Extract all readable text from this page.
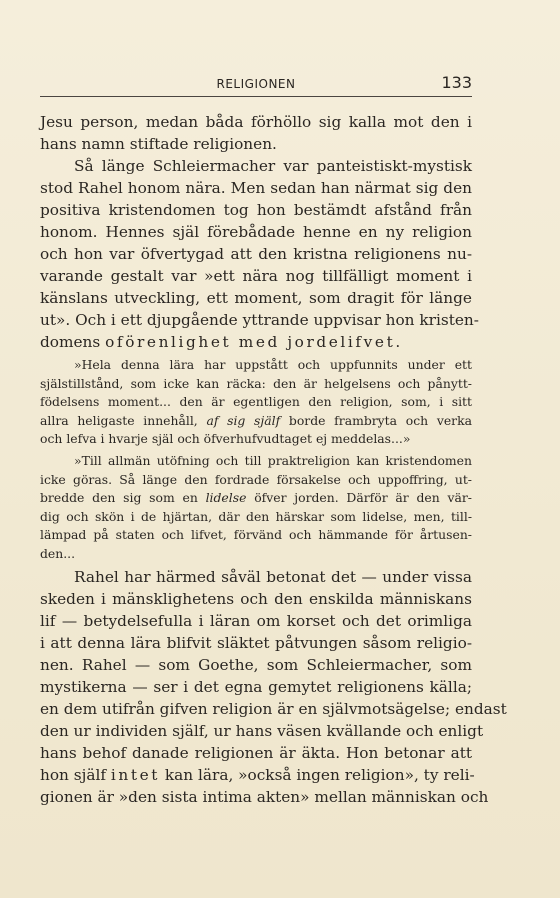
RELIGIONEN	133
Jesu person, medan båda förhöllo sig kalla mot den i
hans namn stiftade religionen.
Så länge Schleiermacher var panteistiskt-mystisk
stod Rahel honom nära. Men sedan han närmat sig den
positiva kristendomen tog hon bestämdt afstånd från
honom. Hennes själ förebådade henne en ny religion
och hon var öfvertygad att den kristna religionens nu-
varande gestalt var »ett nära nog tillfälligt moment i
känslans utveckling, ett moment, som dragit för länge
ut». Och i ett djupgående yttrande uppvisar hon kristen-
domens oförenlighet med jordelifvet.
»Hela denna lära har uppstått och uppfunnits under ett
själstillstånd, som icke kan räcka: den är helgelsens och pånytt-
födelsens moment... den är egentligen den religion, som, i sitt
allra heligaste innehåll, af sig själf borde frambryta och verka
och lefva i hvarje själ och öfverhufvudtaget ej meddelas...»
»Till allmän utöfning och till praktreligion kan kristendomen
icke göras. Så länge den fordrade försakelse och uppoffring, ut-
bredde den sig som en lidelse öfver jorden. Därför är den vär-
dig och skön i de hjärtan, där den härskar som lidelse, men, till-
lämpad på staten och lifvet, förvänd och hämmande för årtusen-
den...
Rahel har härmed såväl betonat det — under vissa
skeden i mänsklighetens och den enskilda människans
lif — betydelsefulla i läran om korset och det orimliga
i att denna lära blifvit släktet påtvungen såsom religio-
nen. Rahel — som Goethe, som Schleiermacher, som
mystikerna — ser i det egna gemytet religionens källa;
en dem utifrån gifven religion är en självmotsägelse; endast
den ur individen själf, ur hans väsen kvällande och enligt
hans behof danade religionen är äkta. Hon betonar att
hon själf intet kan lära, »också ingen religion», ty reli-
gionen är »den sista intima akten» mellan människan och
